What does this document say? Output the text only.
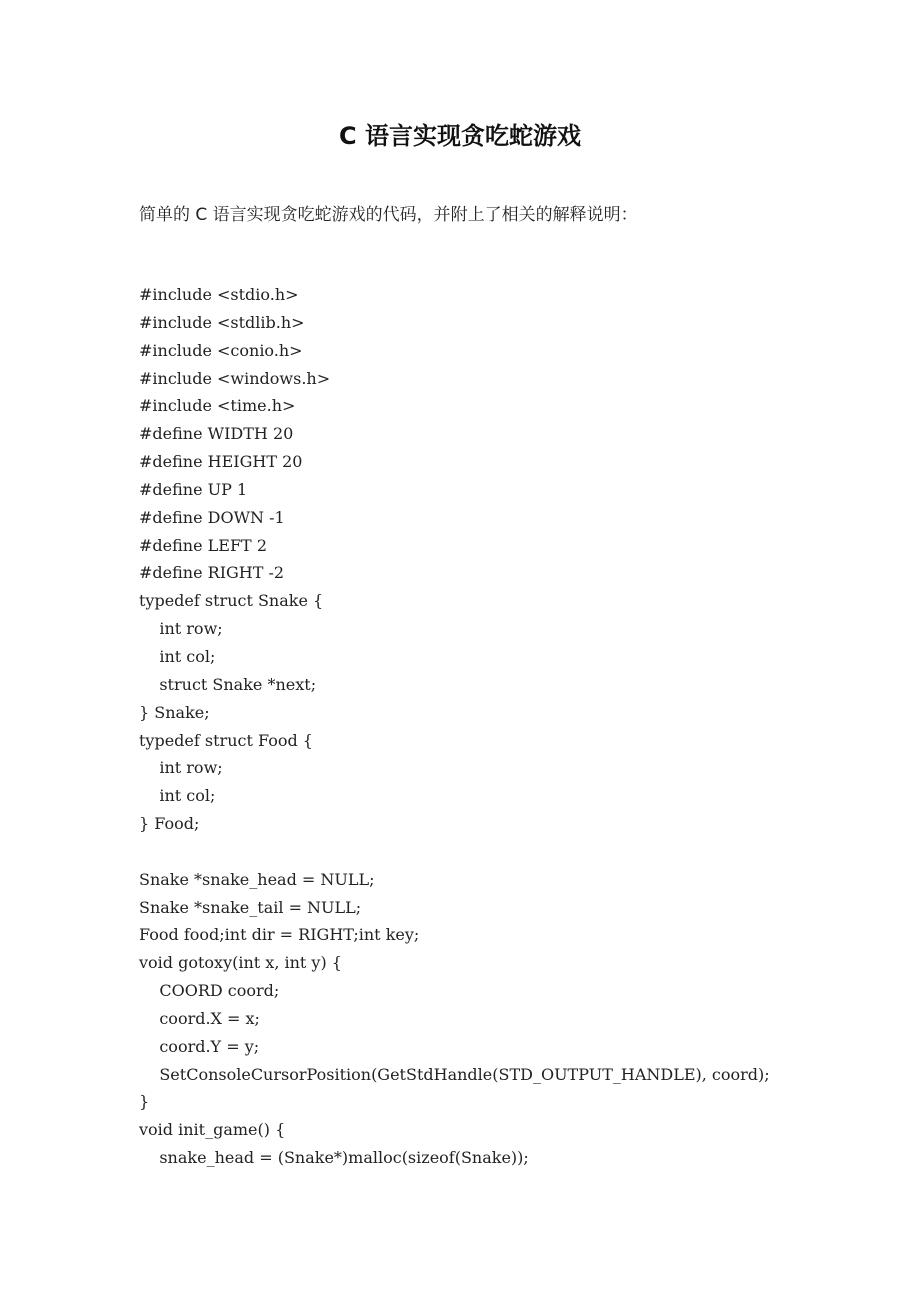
C 语言实现贪吃蛇游戏

简单的 C 语言实现贪吃蛇游戏的代码，并附上了相关的解释说明：

#include <stdio.h>
#include <stdlib.h>
#include <conio.h>
#include <windows.h>
#include <time.h>
#define WIDTH 20
#define HEIGHT 20
#define UP 1
#define DOWN -1
#define LEFT 2
#define RIGHT -2
typedef struct Snake {
int row;
int col;
struct Snake *next;
} Snake;
typedef struct Food {
int row;
int col;
} Food;
Snake *snake_head = NULL;
Snake *snake_tail = NULL;
Food food;int dir = RIGHT;int key;
void gotoxy(int x, int y) {
COORD coord;
coord.X = x;
coord.Y = y;
SetConsoleCursorPosition(GetStdHandle(STD_OUTPUT_HANDLE), coord);
}
void init_game() {
snake_head = (Snake*)malloc(sizeof(Snake));
